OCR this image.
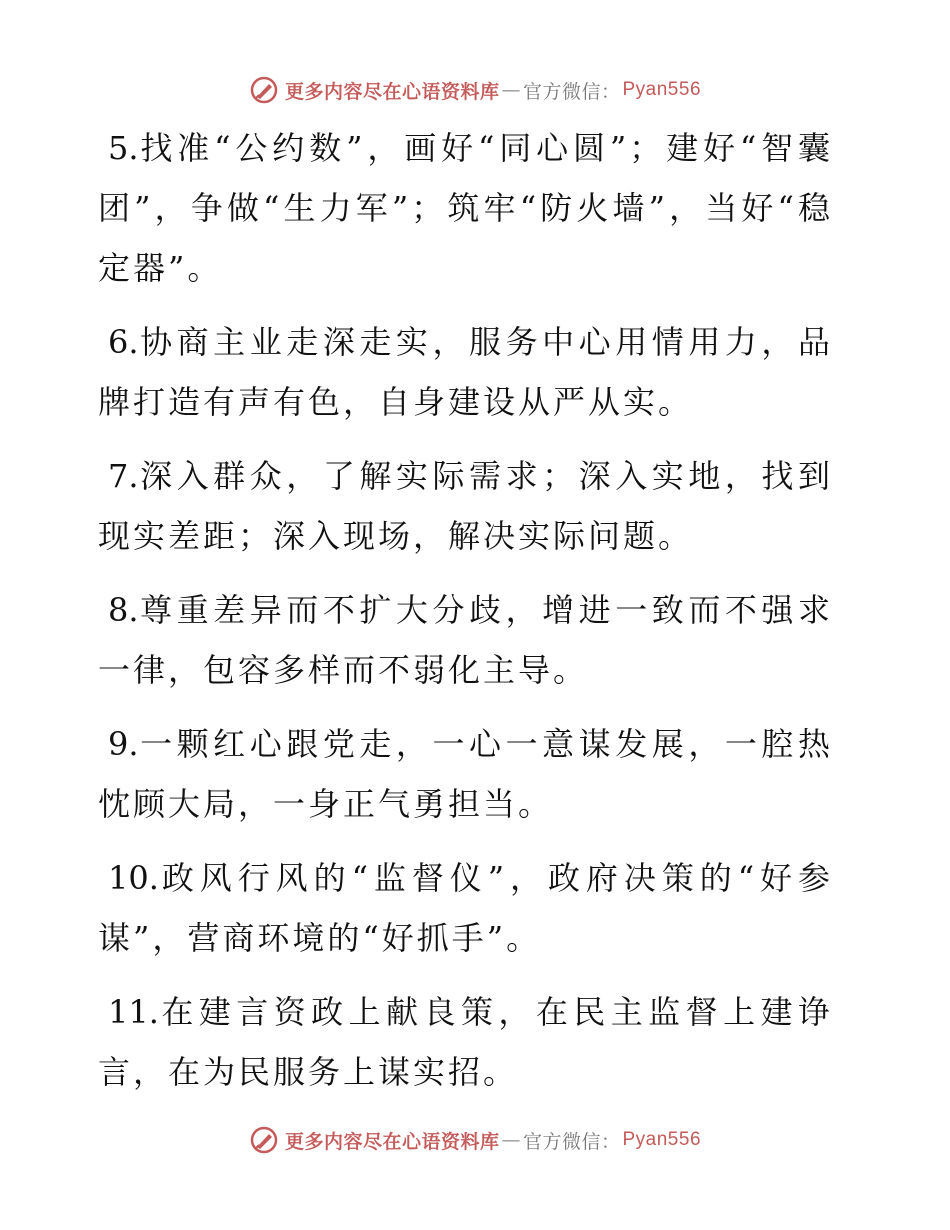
更多内容尽在心语资料库 — 官方微信： Pyan556

5.找准“公约数”，画好“同心圆”；建好“智囊团”，争做“生力军”；筑牢“防火墙”，当好“稳定器”。

6.协商主业走深走实，服务中心用情用力，品牌打造有声有色，自身建设从严从实。

7.深入群众，了解实际需求；深入实地，找到现实差距；深入现场，解决实际问题。

8.尊重差异而不扩大分歧，增进一致而不强求一律，包容多样而不弱化主导。

9.一颗红心跟党走，一心一意谋发展，一腔热忱顾大局，一身正气勇担当。

10.政风行风的“监督仪”，政府决策的“好参谋”，营商环境的“好抓手”。

11.在建言资政上献良策，在民主监督上建诤言，在为民服务上谋实招。

更多内容尽在心语资料库 — 官方微信： Pyan556
